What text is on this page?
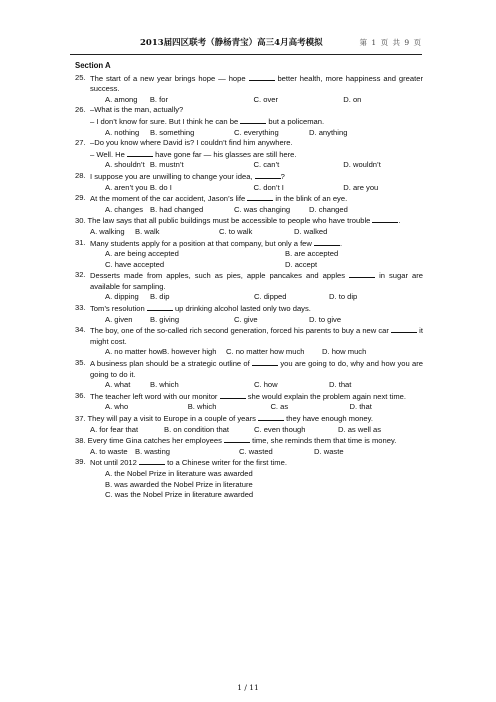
2013届四区联考（静杨青宝）高三4月高考模拟	第 1 页 共 9 页
Section A
25. The start of a new year brings hope — hope	better health, more happiness and greater success.
A. among	B. for	C. over	D. on
26. –What is the man, actually?
– I don’t know for sure. But I think he can be	but a policeman.
A. nothing	B. something	C. everything	D. anything
27. –Do you know where David is? I couldn’t find him anywhere.
– Well. He	have gone far — his glasses are still here.
A. shouldn’t B. mustn’t	C. can’t	D. wouldn’t
28. I suppose you are unwilling to change your idea,	?
A. aren’t you B. do I	C. don’t I	D. are you
29. At the moment of the car accident, Jason’s life	in the blink of an eye.
A. changes B. had changed	C. was changing	D. changed
30. The law says that all public buildings must be accessible to people who have trouble	.
A. walking	B. walk	C. to walk	D. walked
31. Many students apply for a position at that company, but only a few	.
A. are being accepted	B. are accepted
C. have accepted	D. accept
32. Desserts made from apples, such as pies, apple pancakes and apples	in sugar are available for sampling.
A. dipping	B. dip	C. dipped	D. to dip
33. Tom’s resolution	up drinking alcohol lasted only two days.
A. given	B. giving	C. give	D. to give
34. The boy, one of the so-called rich second generation, forced his parents to buy a new car	it might cost.
A. no matter how B. however high	C. no matter how much	D. how much
35. A business plan should be a strategic outline of	you are going to do, why and how you are going to do it.
A. what	B. which	C. how	D. that
36. The teacher left word with our monitor	she would explain the problem again next time.
A. who	B. which	C. as	D. that
37. They will pay a visit to Europe in a couple of years	they have enough money.
A. for fear that	B. on condition that	C. even though	D. as well as
38. Every time Gina catches her employees	time, she reminds them that time is money.
A. to waste B. wasting	C. wasted	D. waste
39. Not until 2012	to a Chinese writer for the first time.
A. the Nobel Prize in literature was awarded
B. was awarded the Nobel Prize in literature
C. was the Nobel Prize in literature awarded
1 / 11
